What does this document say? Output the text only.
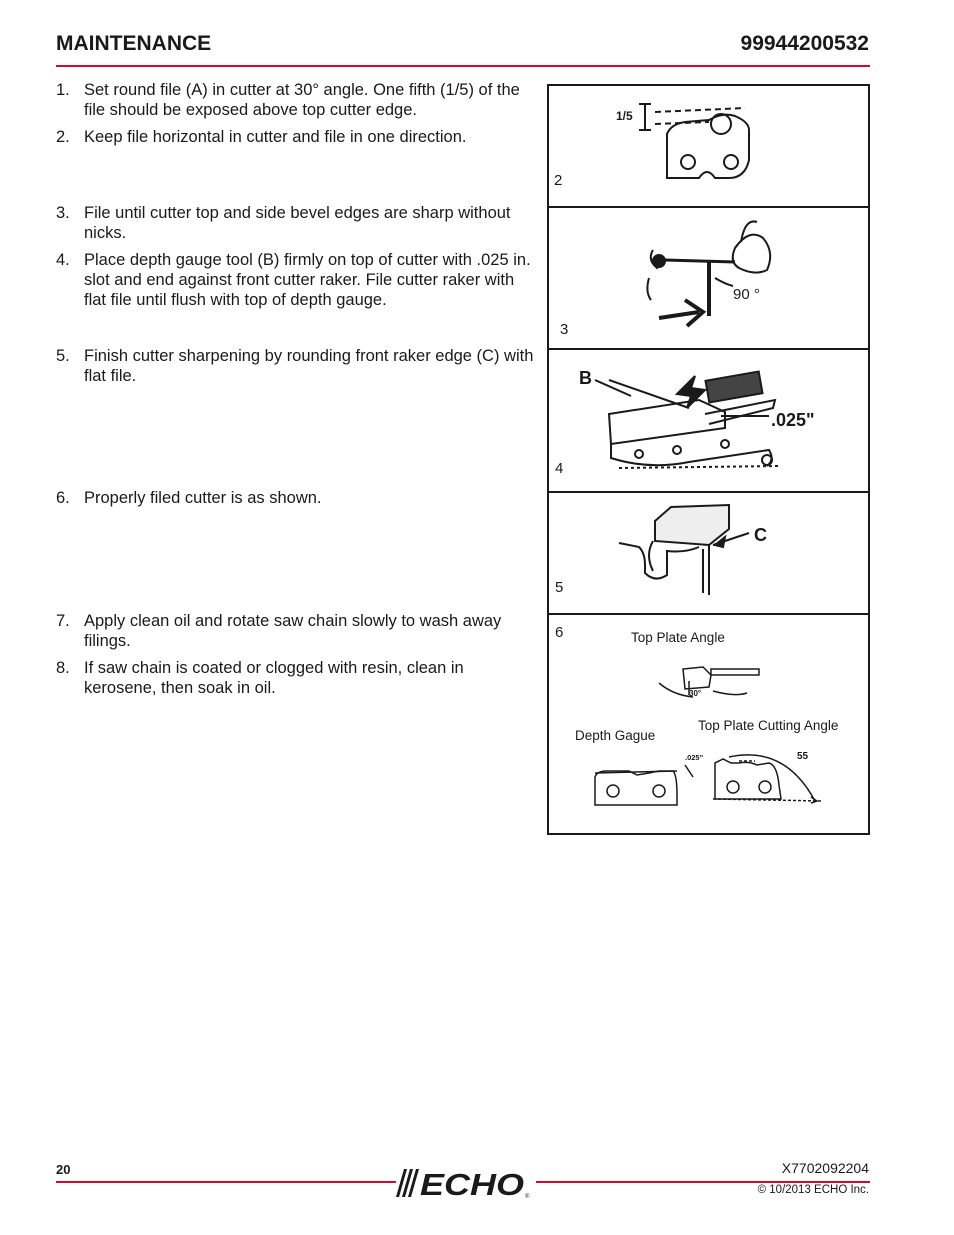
MAINTENANCE	99944200532
1. Set round file (A) in cutter at 30° angle. One fifth (1/5) of the file should be exposed above top cutter edge.
2. Keep file horizontal in cutter and file in one direction.
3. File until cutter top and side bevel edges are sharp without nicks.
4. Place depth gauge tool (B) firmly on top of cutter with .025 in. slot and end against front cutter raker. File cutter raker with flat file until flush with top of depth gauge.
5. Finish cutter sharpening by rounding front raker edge (C) with flat file.
6. Properly filed cutter is as shown.
7. Apply clean oil and rotate saw chain slowly to wash away filings.
8. If saw chain is coated or clogged with resin, clean in kerosene, then soak in oil.
1/5
2
90 °
3
B
.025"
4
C
5
6	Top Plate Angle
30°
Top Plate Cutting Angle
Depth Gague
.025"	55
20	X7702092204
© 10/2013 ECHO Inc.
ECHO ®
